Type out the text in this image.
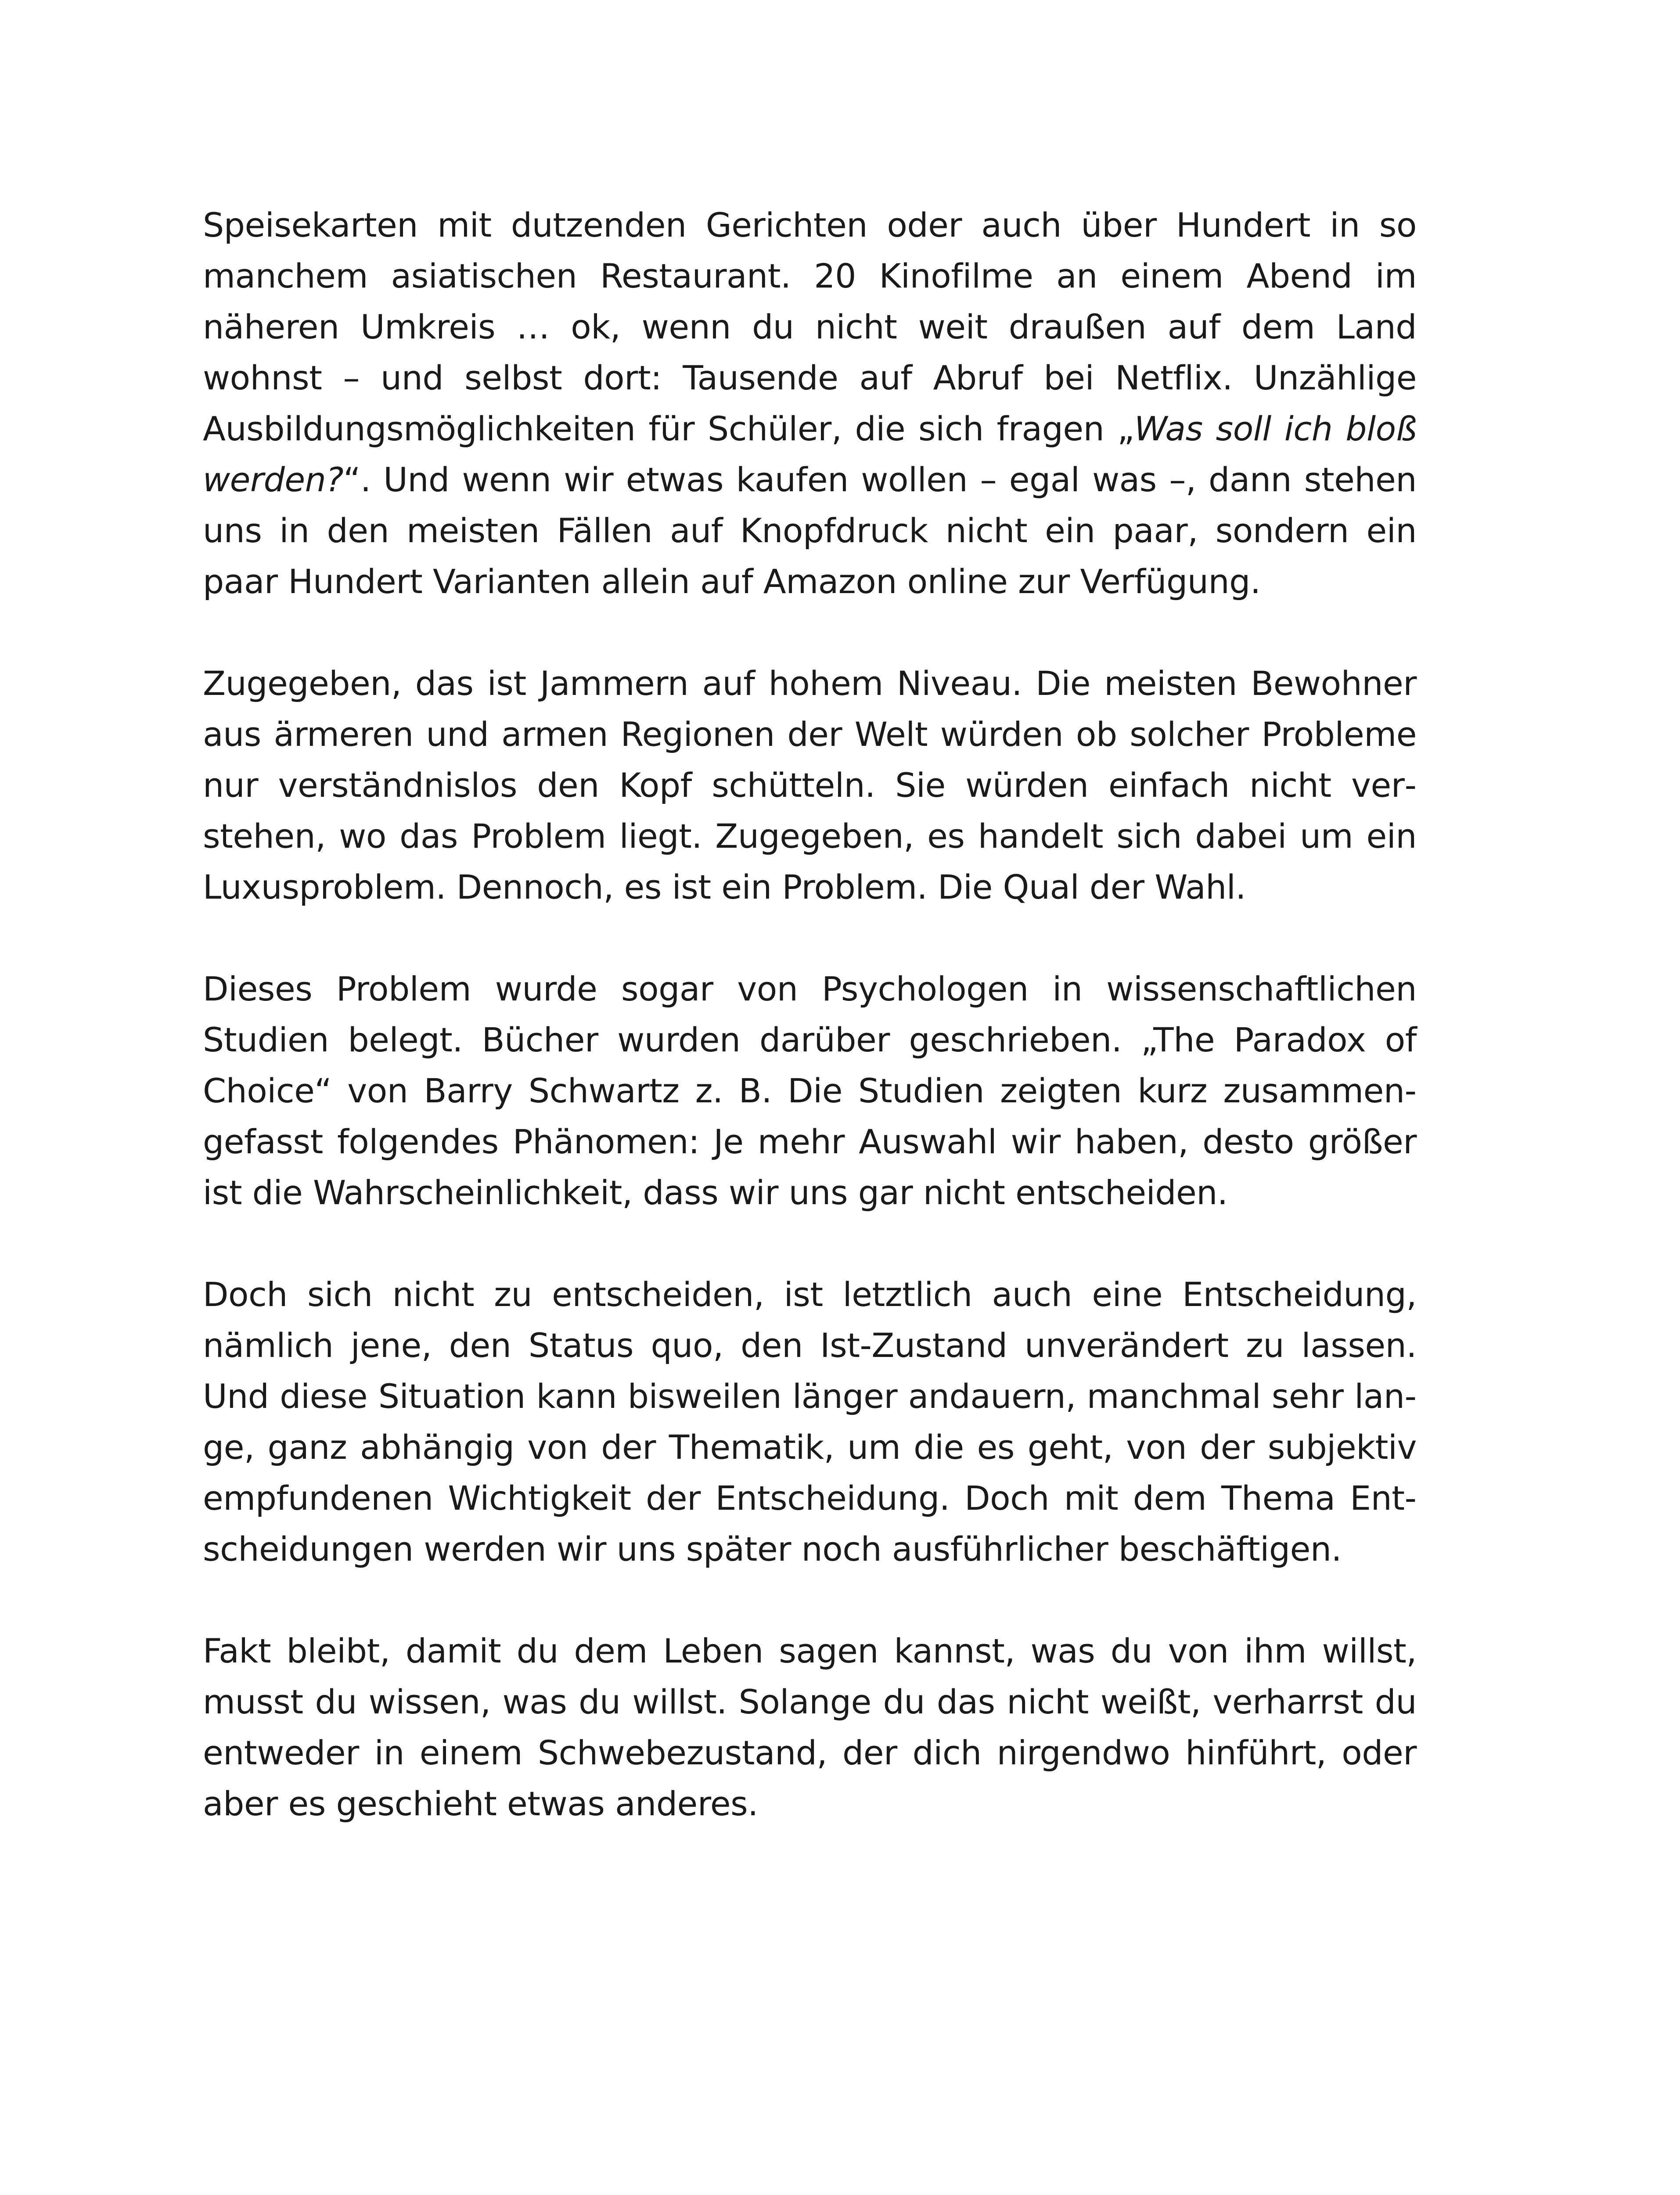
Speisekarten mit dutzenden Gerichten oder auch über Hundert in so manchem asiatischen Restaurant. 20 Kinofilme an einem Abend im näheren Umkreis … ok, wenn du nicht weit draußen auf dem Land wohnst – und selbst dort: Tausende auf Abruf bei Netflix. Unzählige Ausbildungsmöglichkeiten für Schüler, die sich fragen „Was soll ich bloß werden?“. Und wenn wir etwas kaufen wollen – egal was –, dann stehen uns in den meisten Fällen auf Knopfdruck nicht ein paar, sondern ein paar Hundert Varianten allein auf Amazon online zur Verfügung.

Zugegeben, das ist Jammern auf hohem Niveau. Die meisten Bewohner aus ärmeren und armen Regionen der Welt würden ob solcher Probleme nur verständnislos den Kopf schütteln. Sie würden einfach nicht verstehen, wo das Problem liegt. Zugegeben, es handelt sich dabei um ein Luxusproblem. Dennoch, es ist ein Problem. Die Qual der Wahl.

Dieses Problem wurde sogar von Psychologen in wissenschaftlichen Studien belegt. Bücher wurden darüber geschrieben. „The Paradox of Choice“ von Barry Schwartz z. B. Die Studien zeigten kurz zusammengefasst folgendes Phänomen: Je mehr Auswahl wir haben, desto größer ist die Wahrscheinlichkeit, dass wir uns gar nicht entscheiden.

Doch sich nicht zu entscheiden, ist letztlich auch eine Entscheidung, nämlich jene, den Status quo, den Ist-Zustand unverändert zu lassen. Und diese Situation kann bisweilen länger andauern, manchmal sehr lange, ganz abhängig von der Thematik, um die es geht, von der subjektiv empfundenen Wichtigkeit der Entscheidung. Doch mit dem Thema Entscheidungen werden wir uns später noch ausführlicher beschäftigen.

Fakt bleibt, damit du dem Leben sagen kannst, was du von ihm willst, musst du wissen, was du willst. Solange du das nicht weißt, verharrst du entweder in einem Schwebezustand, der dich nirgendwo hinführt, oder aber es geschieht etwas anderes.
